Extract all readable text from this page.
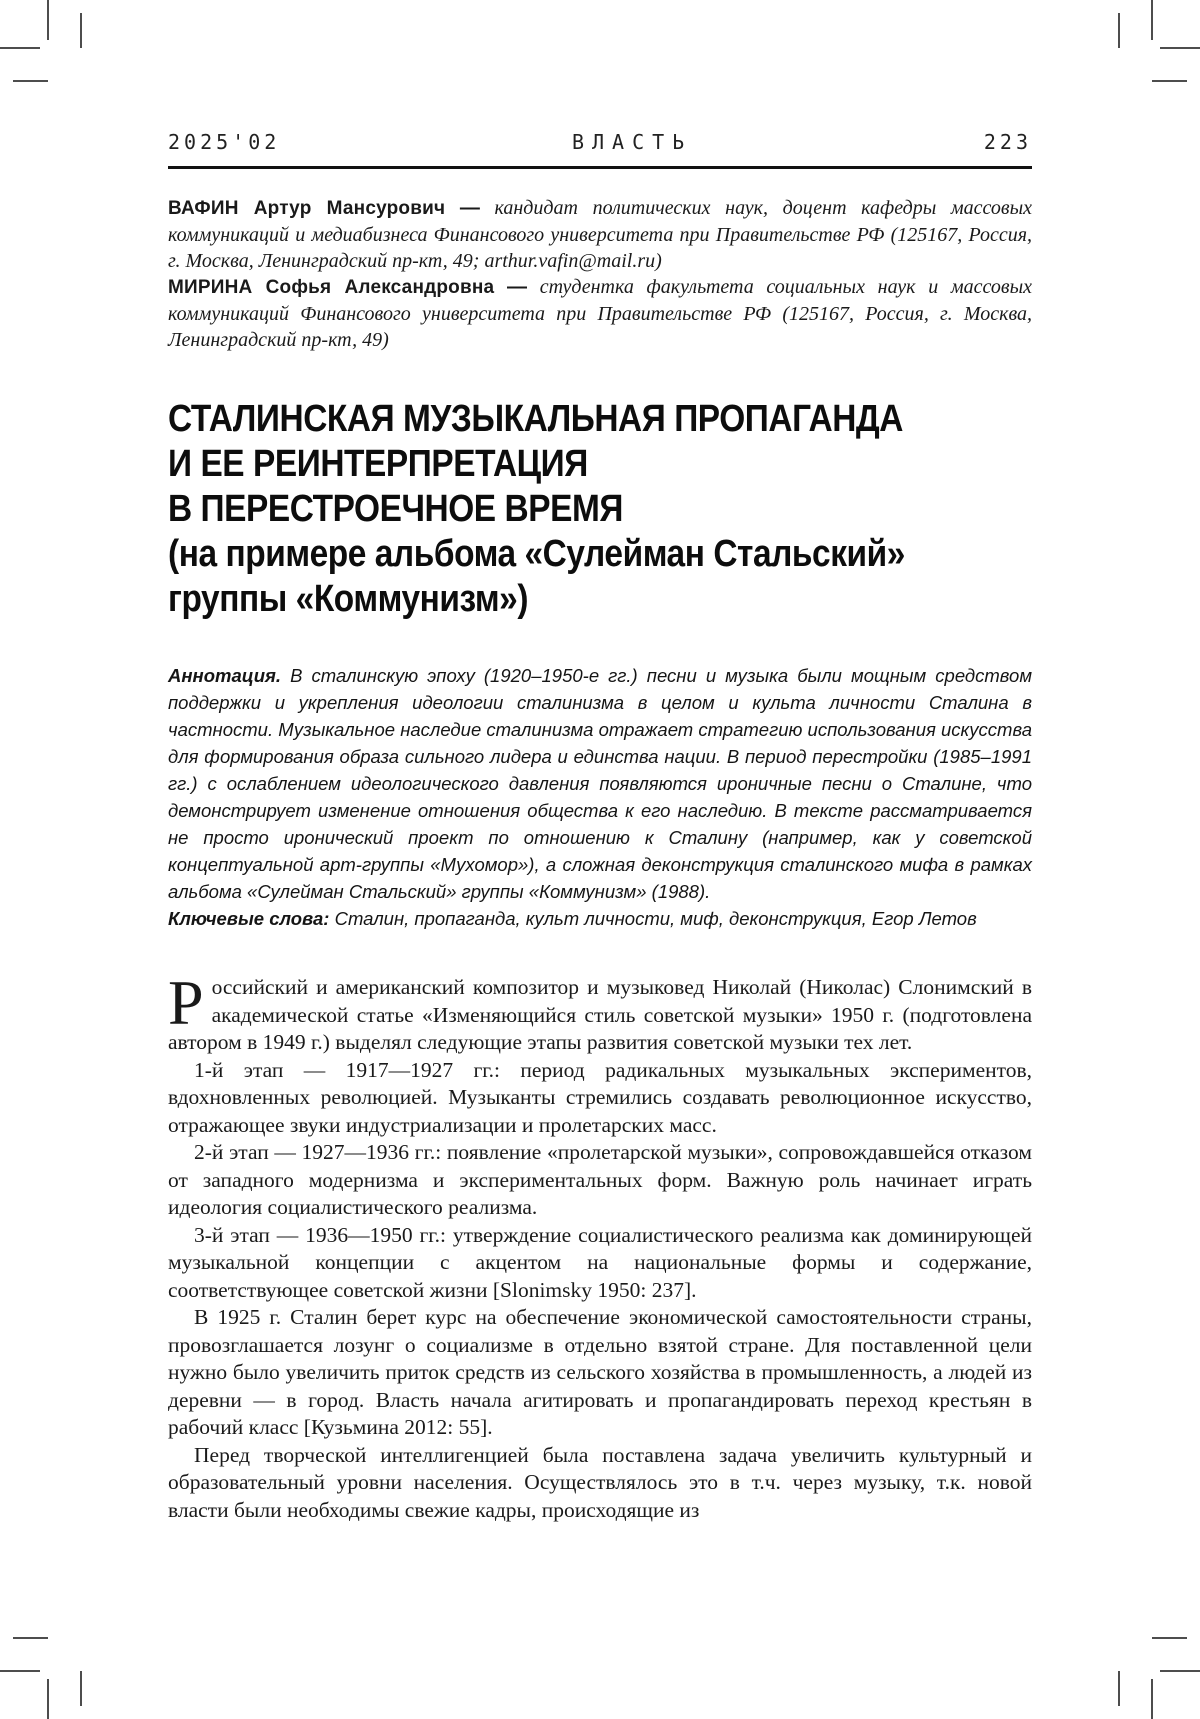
2025'02	ВЛАСТЬ	223

ВАФИН Артур Мансурович — кандидат политических наук, доцент кафедры массовых коммуникаций и медиабизнеса Финансового университета при Правительстве РФ (125167, Россия, г. Москва, Ленинградский пр-кт, 49; arthur.vafin@mail.ru)

МИРИНА Софья Александровна — студентка факультета социальных наук и массовых коммуникаций Финансового университета при Правительстве РФ (125167, Россия, г. Москва, Ленинградский пр-кт, 49)

СТАЛИНСКАЯ МУЗЫКАЛЬНАЯ ПРОПАГАНДА
И ЕЕ РЕИНТЕРПРЕТАЦИЯ
В ПЕРЕСТРОЕЧНОЕ ВРЕМЯ
(на примере альбома «Сулейман Стальский»
группы «Коммунизм»)

Аннотация. В сталинскую эпоху (1920–1950-е гг.) песни и музыка были мощным средством поддержки и укрепления идеологии сталинизма в целом и культа личности Сталина в частности. Музыкальное наследие сталинизма отражает стратегию использования искусства для формирования образа сильного лидера и единства нации. В период перестройки (1985–1991 гг.) с ослаблением идеологического давления появляются ироничные песни о Сталине, что демонстрирует изменение отношения общества к его наследию. В тексте рассматривается не просто иронический проект по отношению к Сталину (например, как у советской концептуальной арт-группы «Мухомор»), а сложная деконструкция сталинского мифа в рамках альбома «Сулейман Стальский» группы «Коммунизм» (1988).

Ключевые слова: Сталин, пропаганда, культ личности, миф, деконструкция, Егор Летов

Российский и американский композитор и музыковед Николай (Николас) Слонимский в академической статье «Изменяющийся стиль советской музыки» 1950 г. (подготовлена автором в 1949 г.) выделял следующие этапы развития советской музыки тех лет.

1-й этап — 1917—1927 гг.: период радикальных музыкальных экспериментов, вдохновленных революцией. Музыканты стремились создавать революционное искусство, отражающее звуки индустриализации и пролетарских масс.

2-й этап — 1927—1936 гг.: появление «пролетарской музыки», сопровождавшейся отказом от западного модернизма и экспериментальных форм. Важную роль начинает играть идеология социалистического реализма.

3-й этап — 1936—1950 гг.: утверждение социалистического реализма как доминирующей музыкальной концепции с акцентом на национальные формы и содержание, соответствующее советской жизни [Slonimsky 1950: 237].

В 1925 г. Сталин берет курс на обеспечение экономической самостоятельности страны, провозглашается лозунг о социализме в отдельно взятой стране. Для поставленной цели нужно было увеличить приток средств из сельского хозяйства в промышленность, а людей из деревни — в город. Власть начала агитировать и пропагандировать переход крестьян в рабочий класс [Кузьмина 2012: 55].

Перед творческой интеллигенцией была поставлена задача увеличить культурный и образовательный уровни населения. Осуществлялось это в т.ч. через музыку, т.к. новой власти были необходимы свежие кадры, происходящие из
